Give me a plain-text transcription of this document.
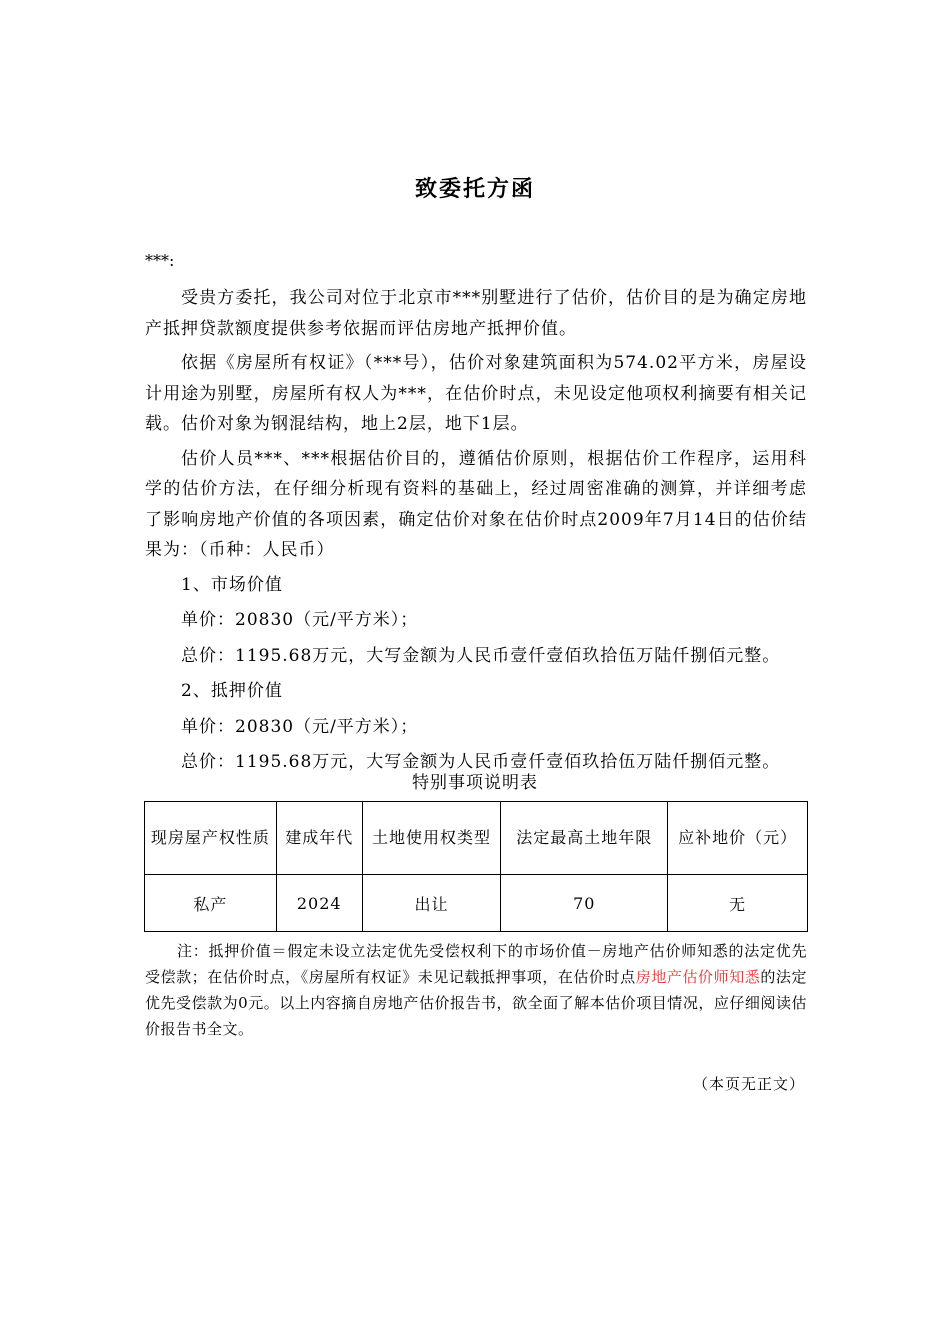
致委托方函
***:

受贵方委托，我公司对位于北京市***别墅进行了估价，估价目的是为确定房地产抵押贷款额度提供参考依据而评估房地产抵押价值。

依据《房屋所有权证》（***号），估价对象建筑面积为574.02平方米，房屋设计用途为别墅，房屋所有权人为***，在估价时点，未见设定他项权利摘要有相关记载。估价对象为钢混结构，地上2层，地下1层。

估价人员***、***根据估价目的，遵循估价原则，根据估价工作程序，运用科学的估价方法，在仔细分析现有资料的基础上，经过周密准确的测算，并详细考虑了影响房地产价值的各项因素，确定估价对象在估价时点2009年7月14日的估价结果为：（币种：人民币）

1、市场价值

单价：20830（元/平方米）；

总价：1195.68万元，大写金额为人民币壹仟壹佰玖拾伍万陆仟捌佰元整。

2、抵押价值

单价：20830（元/平方米）；

总价：1195.68万元，大写金额为人民币壹仟壹佰玖拾伍万陆仟捌佰元整。

特别事项说明表
现房屋产权性质	建成年代	土地使用权类型	法定最高土地年限	应补地价（元）
私产	2024	出让	70	无
注：抵押价值＝假定未设立法定优先受偿权利下的市场价值－房地产估价师知悉的法定优先受偿款；在估价时点，《房屋所有权证》未见记载抵押事项，在估价时点房地产估价师知悉的法定优先受偿款为0元。以上内容摘自房地产估价报告书，欲全面了解本估价项目情况，应仔细阅读估价报告书全文。
（本页无正文）
